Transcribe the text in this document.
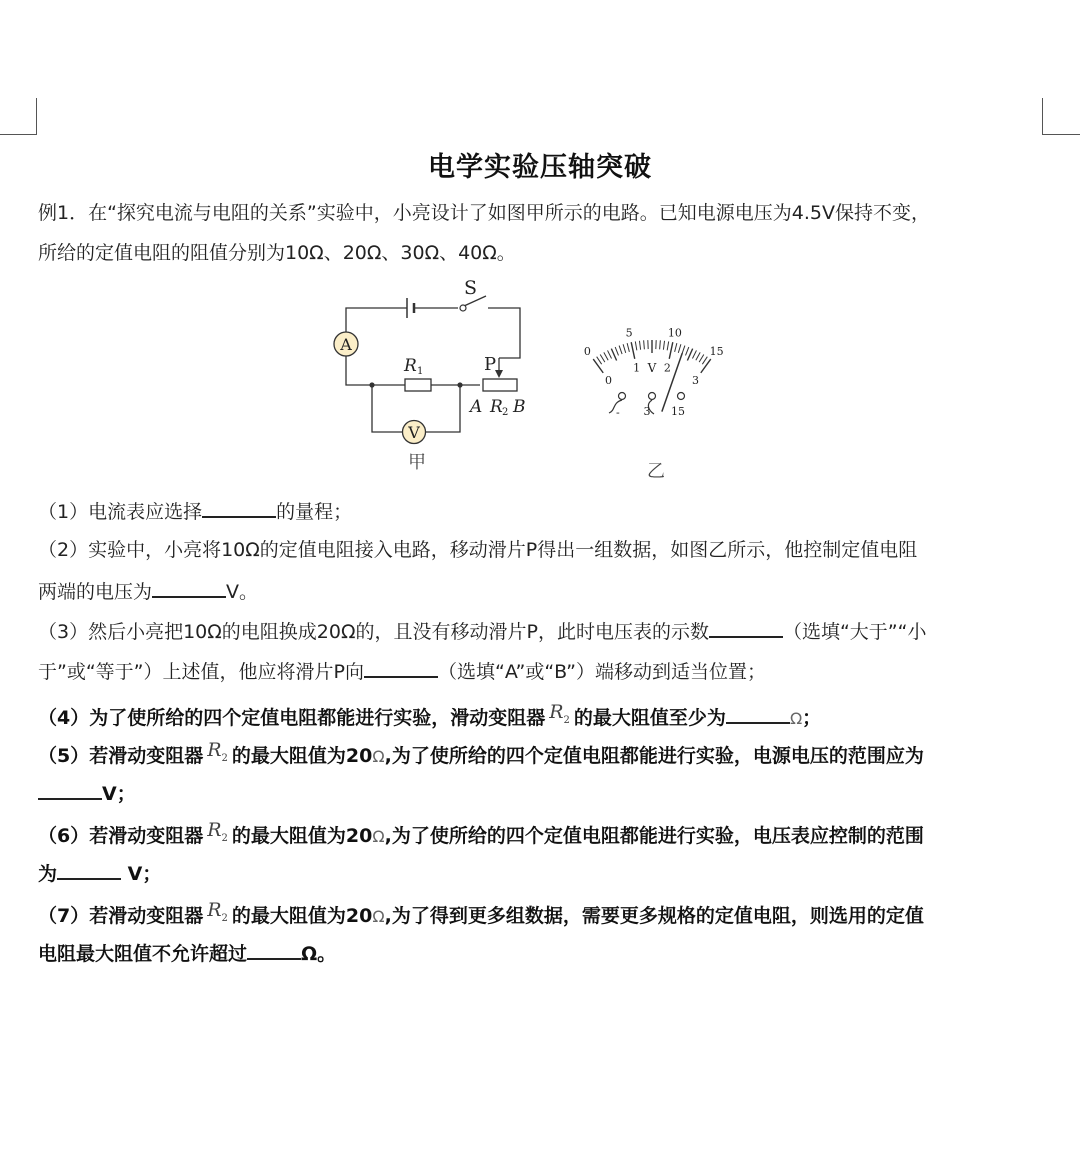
电学实验压轴突破
例1．在“探究电流与电阻的关系”实验中，小亮设计了如图甲所示的电路。已知电源电压为4.5V保持不变，
所给的定值电阻的阻值分别为10Ω、20Ω、30Ω、40Ω。
A
V
S
R 1	P
A R 2 B
甲
0
5	10
15
0
1 2
3
V
- 3 15
乙
（1）电流表应选择	的量程；
（2）实验中，小亮将10Ω的定值电阻接入电路，移动滑片P得出一组数据，如图乙所示，他控制定值电阻
两端的电压为	V。
（3）然后小亮把10Ω的电阻换成20Ω的，且没有移动滑片P，此时电压表的示数	（选填“大于”“小
于”或“等于”）上述值，他应将滑片P向	（选填“A”或“B”）端移动到适当位置；
（4）为了使所给的四个定值电阻都能进行实验，滑动变阻器 $R_2$ 的最大阻值至少为	Ω；
（5）若滑动变阻器 $R_2$ 的最大阻值为20Ω,为了使所给的四个定值电阻都能进行实验，电源电压的范围应为
V；
（6）若滑动变阻器 $R_2$ 的最大阻值为20Ω,为了使所给的四个定值电阻都能进行实验，电压表应控制的范围
为	V；
（7）若滑动变阻器 $R_2$ 的最大阻值为20Ω,为了得到更多组数据，需要更多规格的定值电阻，则选用的定值
电阻最大阻值不允许超过	Ω。
